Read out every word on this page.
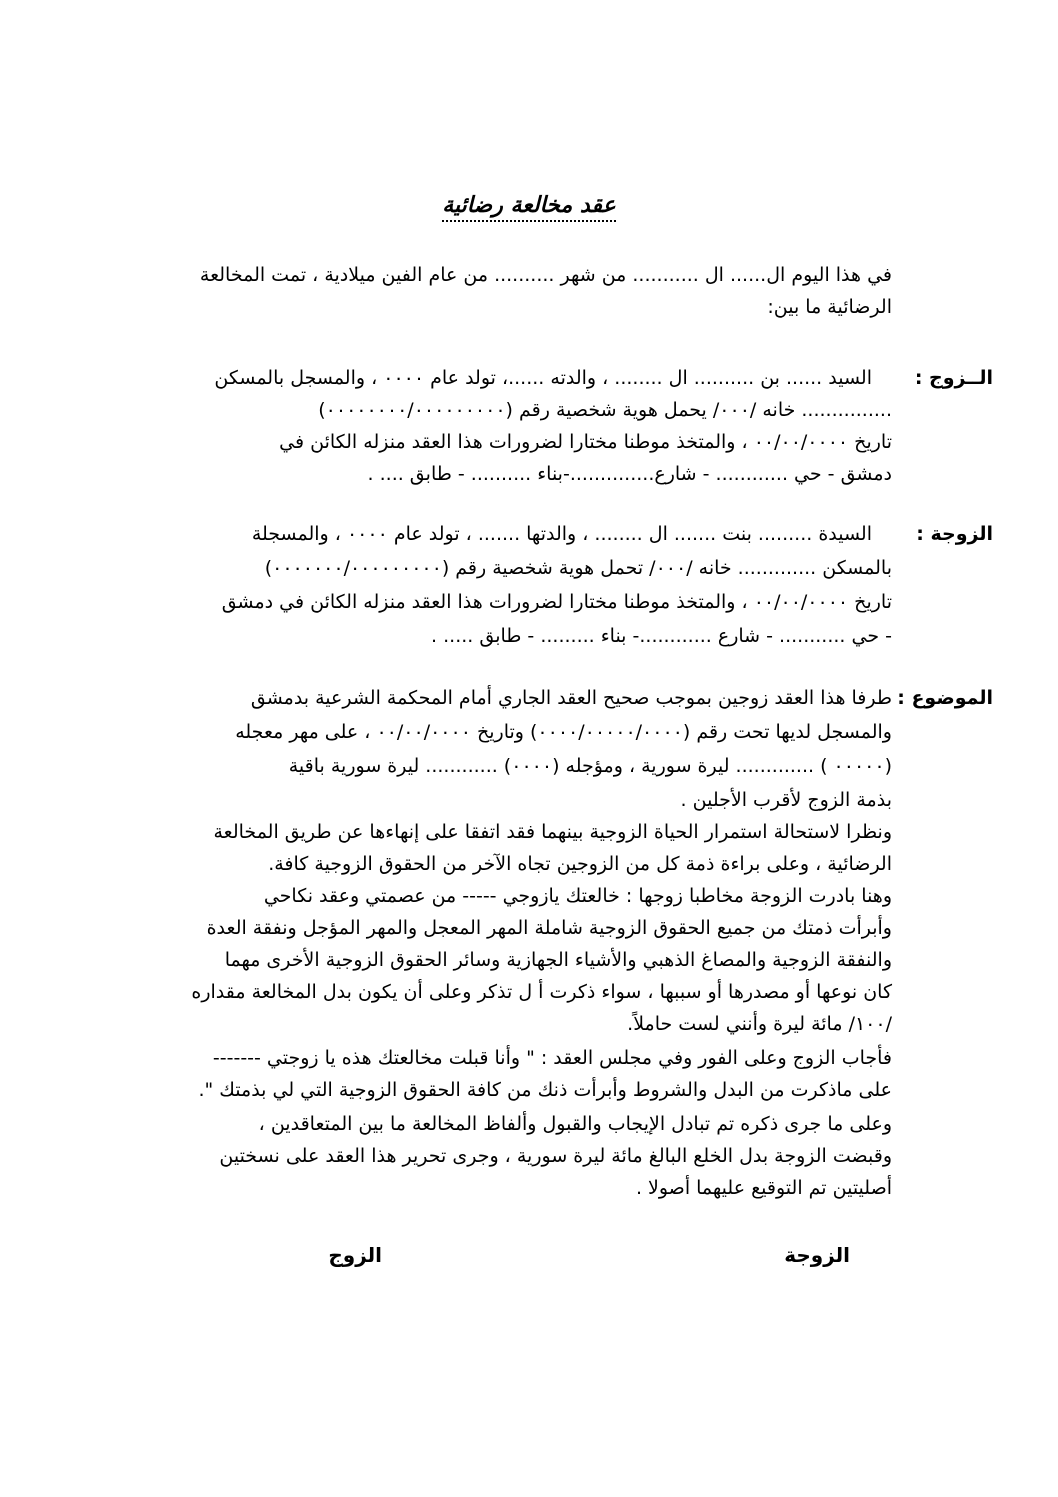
عقد مخالعة رضائية
في هذا اليوم ال...... ال ........... من شهر .......... من عام الفين ميلادية ، تمت المخالعة
الرضائية ما بين:
الــزوج :
السيد ...... بن .......... ال ........ ، والدته ......، تولد عام ٠٠٠٠ ، والمسجل بالمسكن
............... خانه /٠٠٠/ يحمل هوية شخصية رقم (٠٠٠٠٠٠٠٠/٠٠٠٠٠٠٠٠٠)
تاريخ ٠٠/٠٠/٠٠٠٠ ، والمتخذ موطنا مختارا لضرورات هذا العقد منزله الكائن في
دمشق - حي ............ - شارع..............-بناء .......... - طابق .... .
الزوجة :
السيدة ......... بنت ....... ال ........ ، والدتها ....... ، تولد عام ٠٠٠٠ ، والمسجلة
بالمسكن ............. خانه /٠٠٠/ تحمل هوية شخصية رقم (٠٠٠٠٠٠٠/٠٠٠٠٠٠٠٠٠)
تاريخ ٠٠/٠٠/٠٠٠٠ ، والمتخذ موطنا مختارا لضرورات هذا العقد منزله الكائن في دمشق
- حي ........... - شارع ............- بناء ......... - طابق ..... .
الموضوع :
طرفا هذا العقد زوجين بموجب صحيح العقد الجاري أمام المحكمة الشرعية بدمشق
والمسجل لديها تحت رقم (٠٠٠٠/٠٠٠٠٠/٠٠٠٠) وتاريخ ٠٠/٠٠/٠٠٠٠ ، على مهر معجله
(٠٠٠٠٠ ) ............. ليرة سورية ، ومؤجله (٠٠٠٠) ............ ليرة سورية باقية
بذمة الزوج لأقرب الأجلين .
ونظرا لاستحالة استمرار الحياة الزوجية بينهما فقد اتفقا على إنهاءها عن طريق المخالعة
الرضائية ، وعلى براءة ذمة كل من الزوجين تجاه الآخر من الحقوق الزوجية كافة.
وهنا بادرت الزوجة مخاطبا زوجها : خالعتك يازوجي ----- من عصمتي وعقد نكاحي
وأبرأت ذمتك من جميع الحقوق الزوجية شاملة المهر المعجل والمهر المؤجل ونفقة العدة
والنفقة الزوجية والمصاغ الذهبي والأشياء الجهازية وسائر الحقوق الزوجية الأخرى مهما
كان نوعها أو مصدرها أو سببها ، سواء ذكرت أ ل تذكر وعلى أن يكون بدل المخالعة مقداره
/١٠٠/ مائة ليرة وأنني لست حاملاً.
فأجاب الزوج وعلى الفور وفي مجلس العقد : " وأنا قبلت مخالعتك هذه يا زوجتي -------
على ماذكرت من البدل والشروط وأبرأت ذنك من كافة الحقوق الزوجية التي لي بذمتك ".
وعلى ما جرى ذكره تم تبادل الإيجاب والقبول وألفاظ المخالعة ما بين المتعاقدين ،
وقبضت الزوجة بدل الخلع البالغ مائة ليرة سورية ، وجرى تحرير هذا العقد على نسختين
أصليتين تم التوقيع عليهما أصولا .
الزوجة
الزوج
